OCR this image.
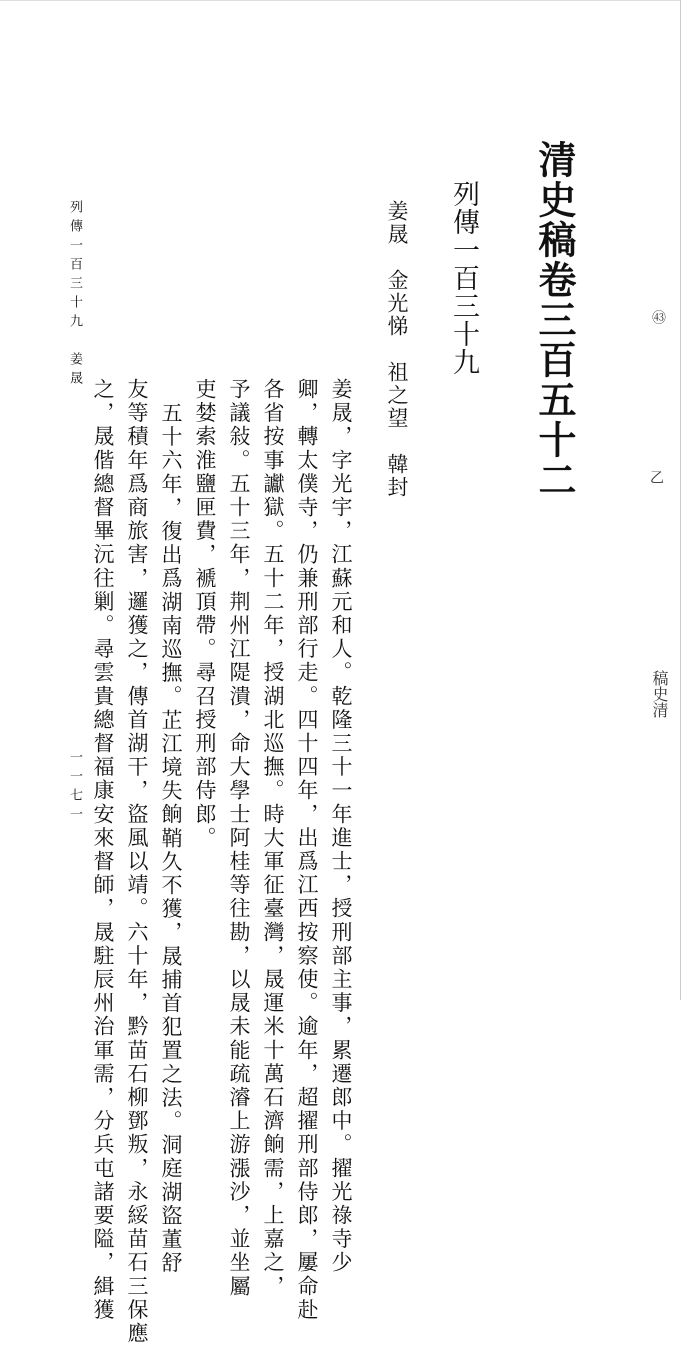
清史稿卷三百五十二
列傳一百三十九
姜晟　金光悌　祖之望　韓封
姜晟，字光宇，江蘇元和人。乾隆三十一年進士，授刑部主事，累遷郎中。擢光祿寺少
卿，轉太僕寺，仍兼刑部行走。四十四年，出爲江西按察使。逾年，超擢刑部侍郎，屢命赴
各省按事讞獄。五十二年，授湖北巡撫。時大軍征臺灣，晟運米十萬石濟餉需，上嘉之，
予議敍。五十三年，荆州江隄潰，命大學士阿桂等往勘，以晟未能疏濬上游漲沙，並坐屬
吏婪索淮鹽匣費，褫頂帶。尋召授刑部侍郎。
五十六年，復出爲湖南巡撫。芷江境失餉鞘久不獲，晟捕首犯置之法。洞庭湖盜董舒
友等積年爲商旅害，邏獲之，傳首湖干，盜風以靖。六十年，黔苗石柳鄧叛，永綏苗石三保應
之，晟偕總督畢沅往剿。尋雲貴總督福康安來督師，晟駐辰州治軍需，分兵屯諸要隘，緝獲
列傳一百三十九　姜晟
一一七一
㊸
乙
稿史清
